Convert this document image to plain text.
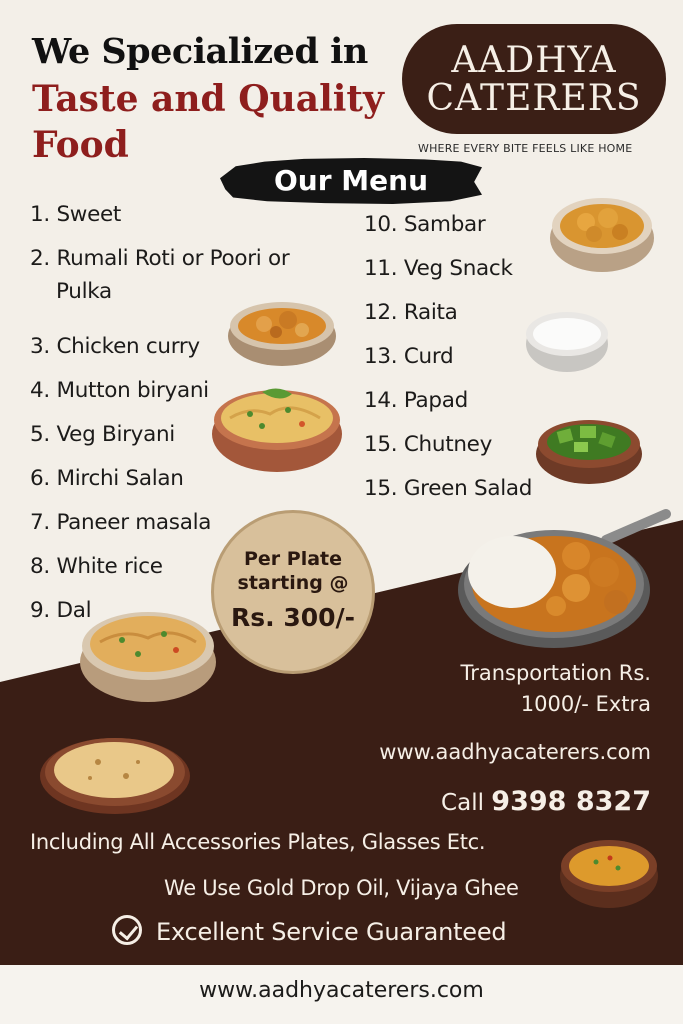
We Specialized in
Taste and Quality
Food
AADHYA
CATERERS
WHERE EVERY BITE FEELS LIKE HOME
Our Menu
1. Sweet
2. Rumali Roti or Poori or
Pulka
3. Chicken curry
4. Mutton biryani
5. Veg Biryani
6. Mirchi Salan
7. Paneer masala
8. White rice
9. Dal
10. Sambar
11. Veg Snack
12. Raita
13. Curd
14. Papad
15. Chutney
15. Green Salad
Per Plate
starting @
Rs. 300/-
Transportation Rs. 1000/- Extra
www.aadhyacaterers.com
Call 9398 8327
Including All Accessories Plates, Glasses Etc.
We Use Gold Drop Oil, Vijaya Ghee
Excellent Service Guaranteed
www.aadhyacaterers.com
